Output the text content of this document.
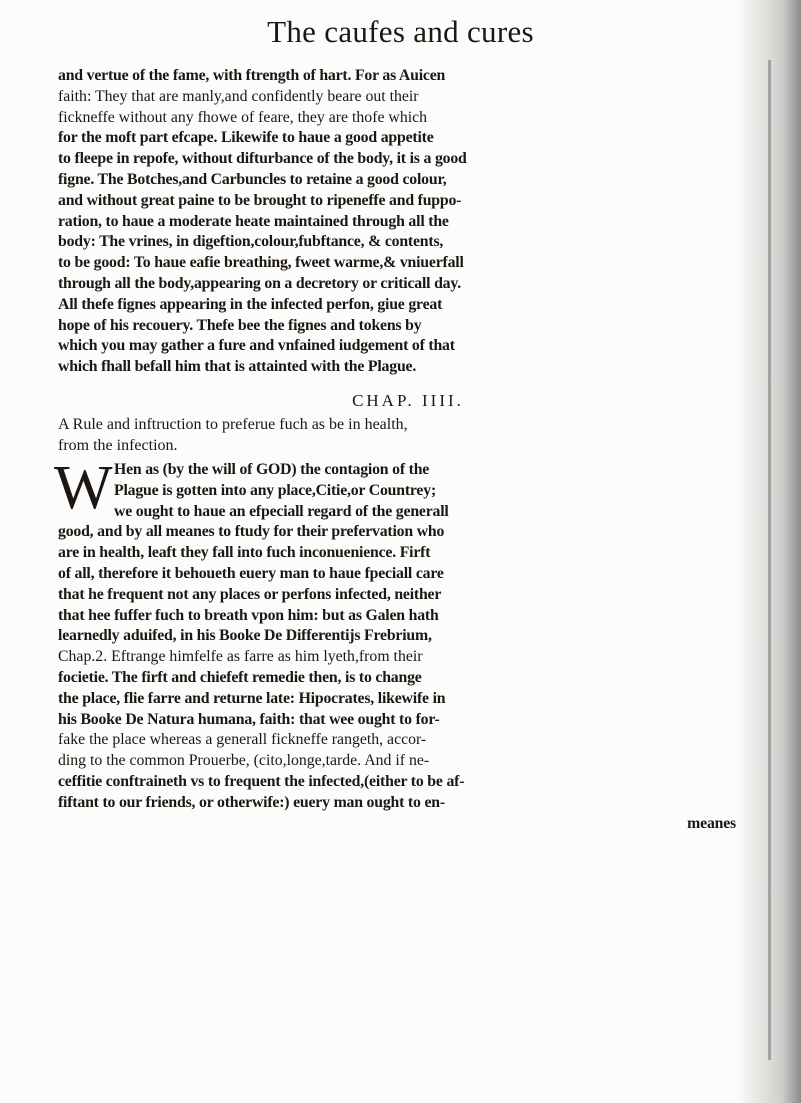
The caufes and cures
and vertue of the fame, with ftrength of hart. For as Auicen
faith: They that are manly,and confidently beare out their
fickneffe without any fhowe of feare, they are thofe which
for the moft part efcape. Likewife to haue a good appetite
to fleepe in repofe, without difturbance of the body, it is a good
figne. The Botches,and Carbuncles to retaine a good colour,
and without great paine to be brought to ripeneffe and fuppo-
ration, to haue a moderate heate maintained through all the
body: The vrines, in digeftion,colour,fubftance, & contents,
to be good: To haue eafie breathing, fweet warme,& vniuerfall
through all the body,appearing on a decretory or criticall day.
All thefe fignes appearing in the infected perfon, giue great
hope of his recouery. Thefe bee the fignes and tokens by
which you may gather a fure and vnfained iudgement of that
which fhall befall him that is attainted with the Plague.
CHAP. IIII.
A Rule and inftruction to preferue fuch as be in health,
from the infection.
W Hen as (by the will of GOD) the contagion of the
Plague is gotten into any place,Citie,or Countrey;
we ought to haue an efpeciall regard of the generall
good, and by all meanes to ftudy for their prefervation who
are in health, leaft they fall into fuch inconuenience. Firft
of all, therefore it behoueth euery man to haue fpeciall care
that he frequent not any places or perfons infected, neither
that hee fuffer fuch to breath vpon him: but as Galen hath
learnedly aduifed, in his Booke De Differentijs Frebrium,
Chap.2. Eftrange himfelfe as farre as him lyeth,from their
focietie. The firft and chiefeft remedie then, is to change
the place, flie farre and returne late: Hipocrates, likewife in
his Booke De Natura humana, faith: that wee ought to for-
fake the place whereas a generall fickneffe rangeth, accor-
ding to the common Prouerbe, (cito,longe,tarde. And if ne-
ceffitie conftraineth vs to frequent the infected,(either to be af-
fiftant to our friends, or otherwife:) euery man ought to en-
meanes
